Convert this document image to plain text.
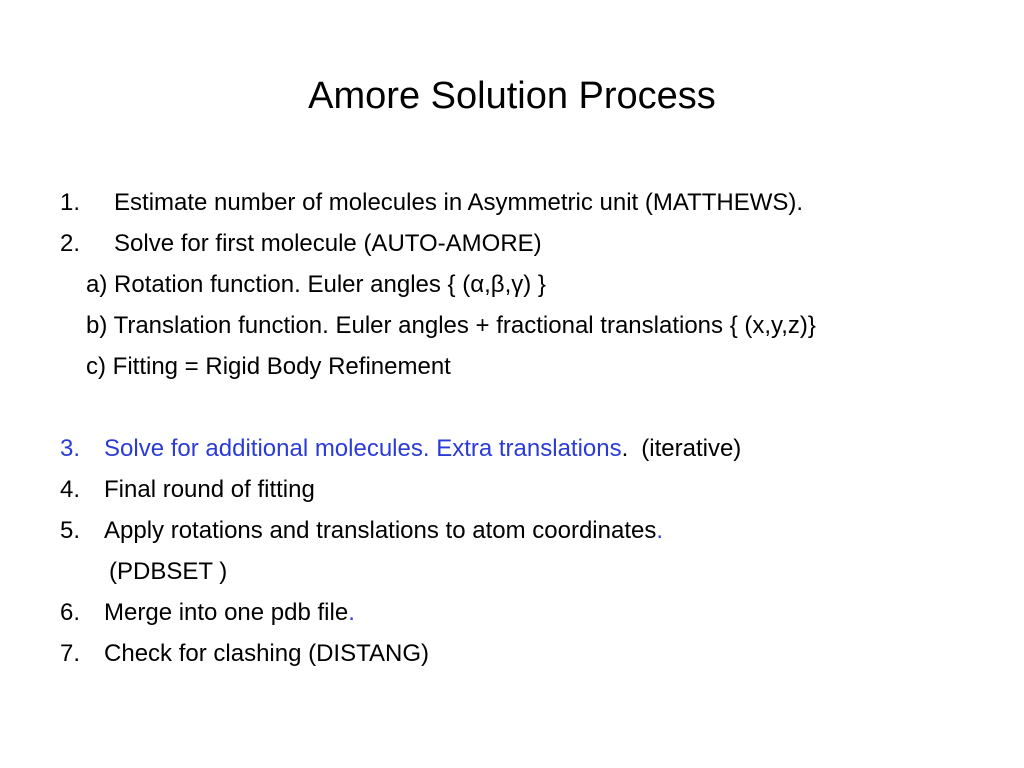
Amore Solution Process
1. Estimate number of molecules in Asymmetric unit (MATTHEWS).
2. Solve for first molecule (AUTO-AMORE)
a) Rotation function. Euler angles { (α,β,γ) }
b) Translation function. Euler angles + fractional translations { (x,y,z)}
c) Fitting = Rigid Body Refinement
3. Solve for additional molecules. Extra translations. (iterative)
4. Final round of fitting
5. Apply rotations and translations to atom coordinates.
(PDBSET )
6. Merge into one pdb file.
7. Check for clashing (DISTANG)
